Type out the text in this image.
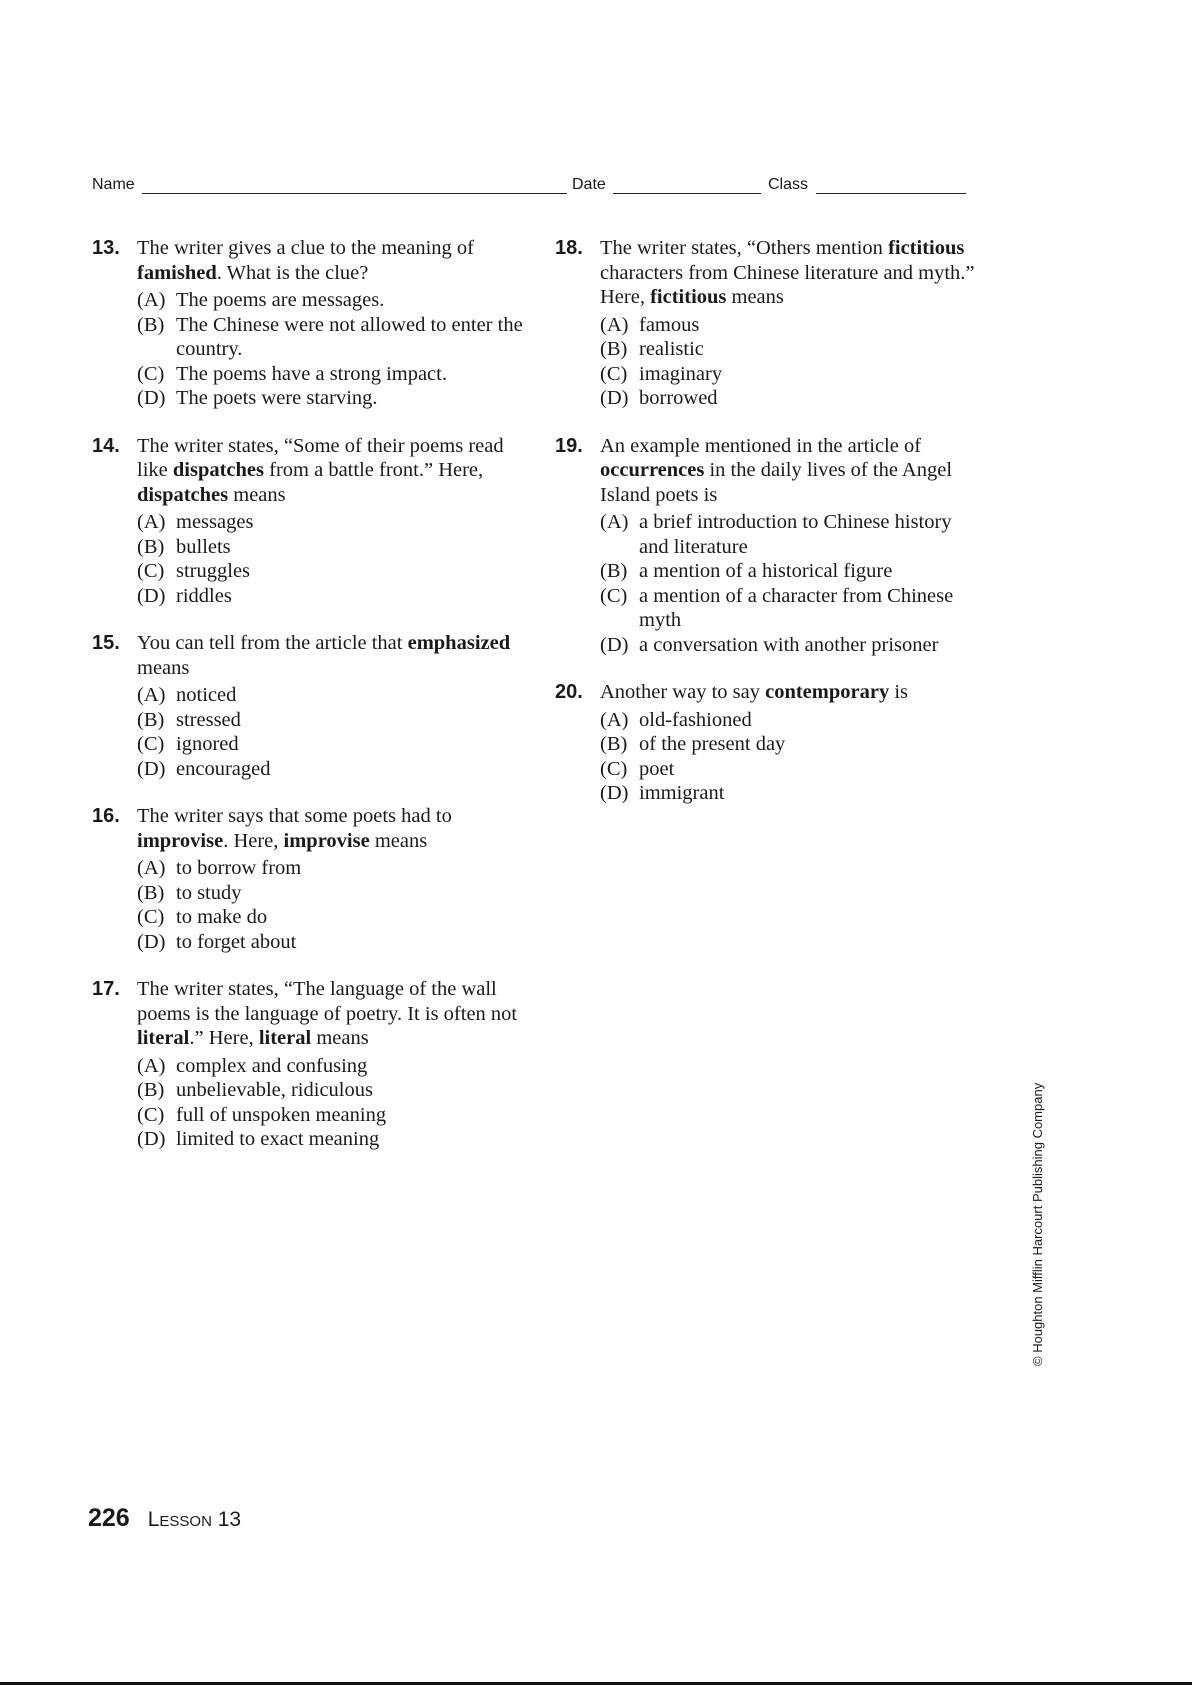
Name	Date	Class
13. The writer gives a clue to the meaning of famished. What is the clue?
(A) The poems are messages.
(B) The Chinese were not allowed to enter the country.
(C) The poems have a strong impact.
(D) The poets were starving.
14. The writer states, “Some of their poems read like dispatches from a battle front.” Here, dispatches means
(A) messages
(B) bullets
(C) struggles
(D) riddles
15. You can tell from the article that emphasized means
(A) noticed
(B) stressed
(C) ignored
(D) encouraged
16. The writer says that some poets had to improvise. Here, improvise means
(A) to borrow from
(B) to study
(C) to make do
(D) to forget about
17. The writer states, “The language of the wall poems is the language of poetry. It is often not literal.” Here, literal means
(A) complex and confusing
(B) unbelievable, ridiculous
(C) full of unspoken meaning
(D) limited to exact meaning
18. The writer states, “Others mention fictitious characters from Chinese literature and myth.” Here, fictitious means
(A) famous
(B) realistic
(C) imaginary
(D) borrowed
19. An example mentioned in the article of occurrences in the daily lives of the Angel Island poets is
(A) a brief introduction to Chinese history and literature
(B) a mention of a historical figure
(C) a mention of a character from Chinese myth
(D) a conversation with another prisoner
20. Another way to say contemporary is
(A) old-fashioned
(B) of the present day
(C) poet
(D) immigrant
226 Lesson 13
© Houghton Mifflin Harcourt Publishing Company
